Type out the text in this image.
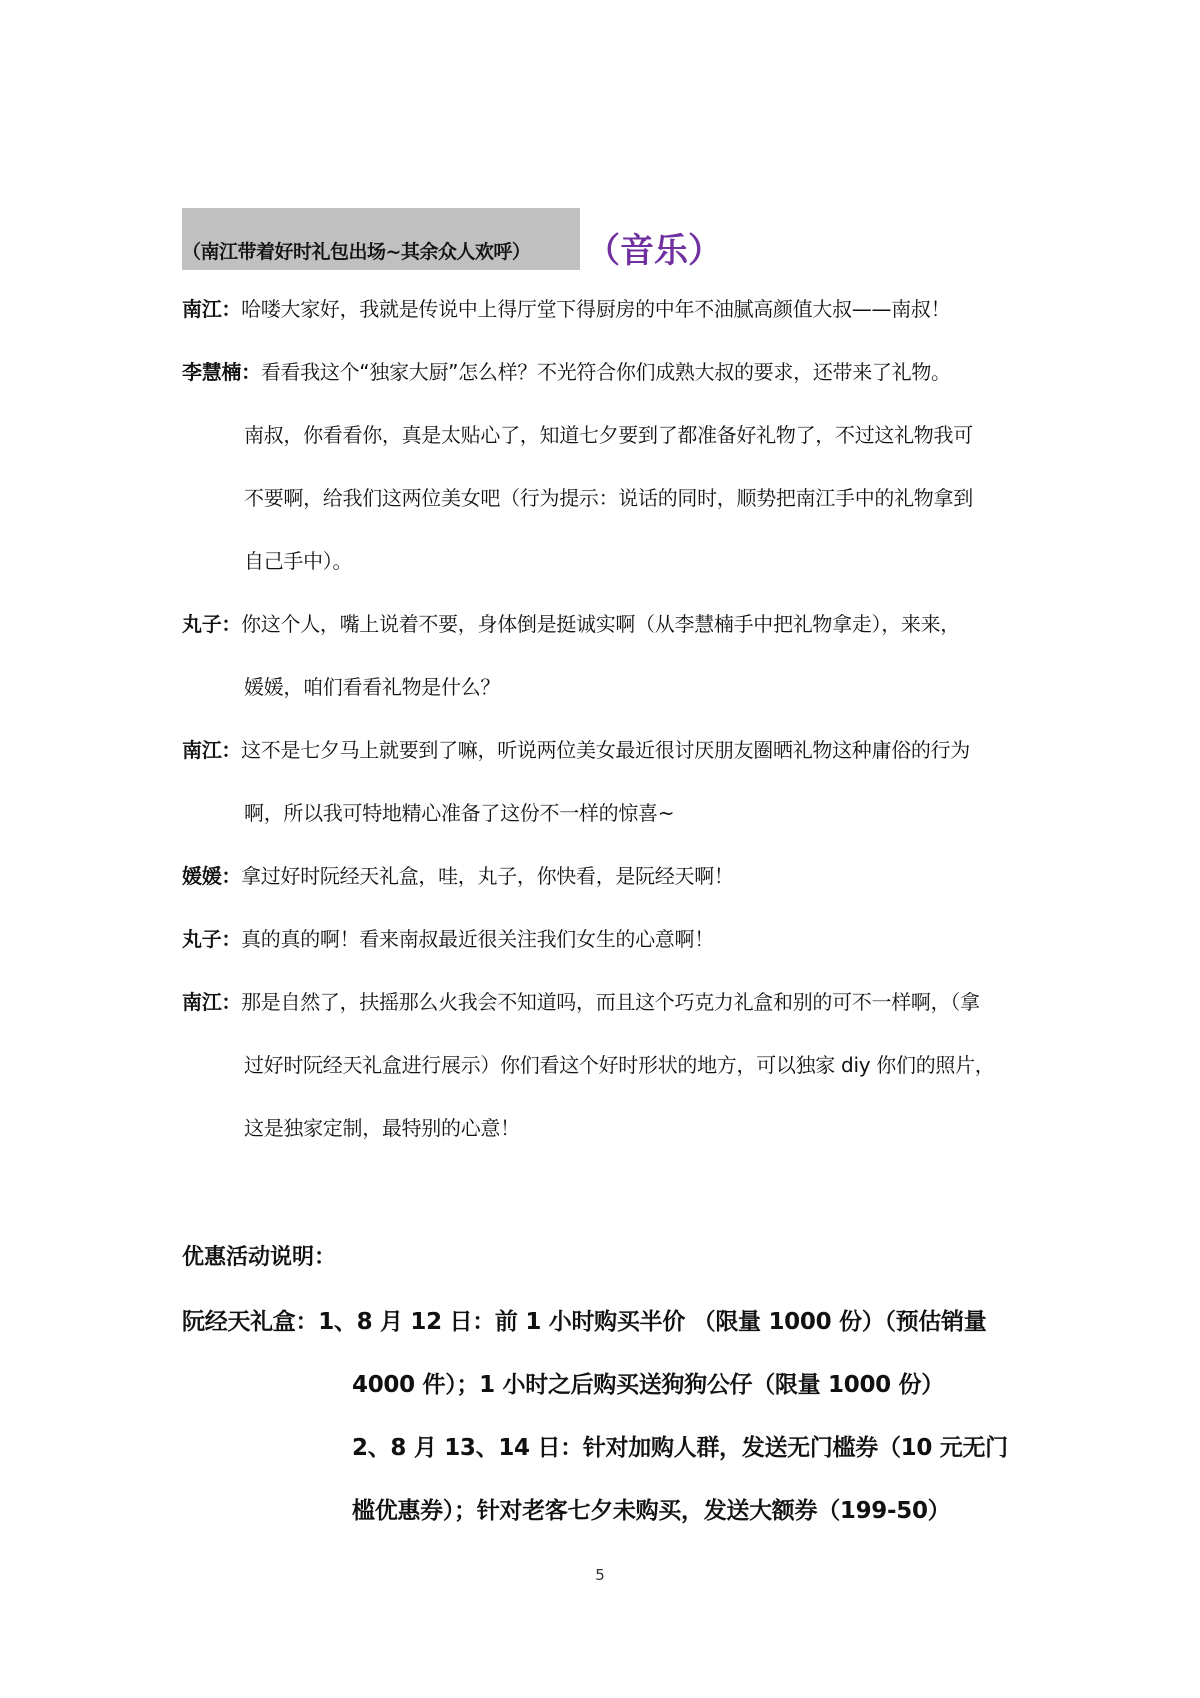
（南江带着好时礼包出场~其余众人欢呼） （音乐）
南江：哈喽大家好，我就是传说中上得厅堂下得厨房的中年不油腻高颜值大叔——南叔！
李慧楠：看看我这个“独家大厨”怎么样？不光符合你们成熟大叔的要求，还带来了礼物。
南叔，你看看你，真是太贴心了，知道七夕要到了都准备好礼物了，不过这礼物我可
不要啊，给我们这两位美女吧（行为提示：说话的同时，顺势把南江手中的礼物拿到
自己手中）。
丸子：你这个人，嘴上说着不要，身体倒是挺诚实啊（从李慧楠手中把礼物拿走），来来，
媛媛，咱们看看礼物是什么？
南江：这不是七夕马上就要到了嘛，听说两位美女最近很讨厌朋友圈晒礼物这种庸俗的行为
啊，所以我可特地精心准备了这份不一样的惊喜~
媛媛：拿过好时阮经天礼盒，哇，丸子，你快看，是阮经天啊！
丸子：真的真的啊！看来南叔最近很关注我们女生的心意啊！
南江：那是自然了，扶摇那么火我会不知道吗，而且这个巧克力礼盒和别的可不一样啊，（拿
过好时阮经天礼盒进行展示）你们看这个好时形状的地方，可以独家 diy 你们的照片，
这是独家定制，最特别的心意！
优惠活动说明：
阮经天礼盒：1、8 月 12 日：前 1 小时购买半价 （限量 1000 份）（预估销量
4000 件）；1 小时之后购买送狗狗公仔（限量 1000 份）
2、8 月 13、14 日：针对加购人群，发送无门槛券（10 元无门
槛优惠券）；针对老客七夕未购买，发送大额券（199-50）
5
